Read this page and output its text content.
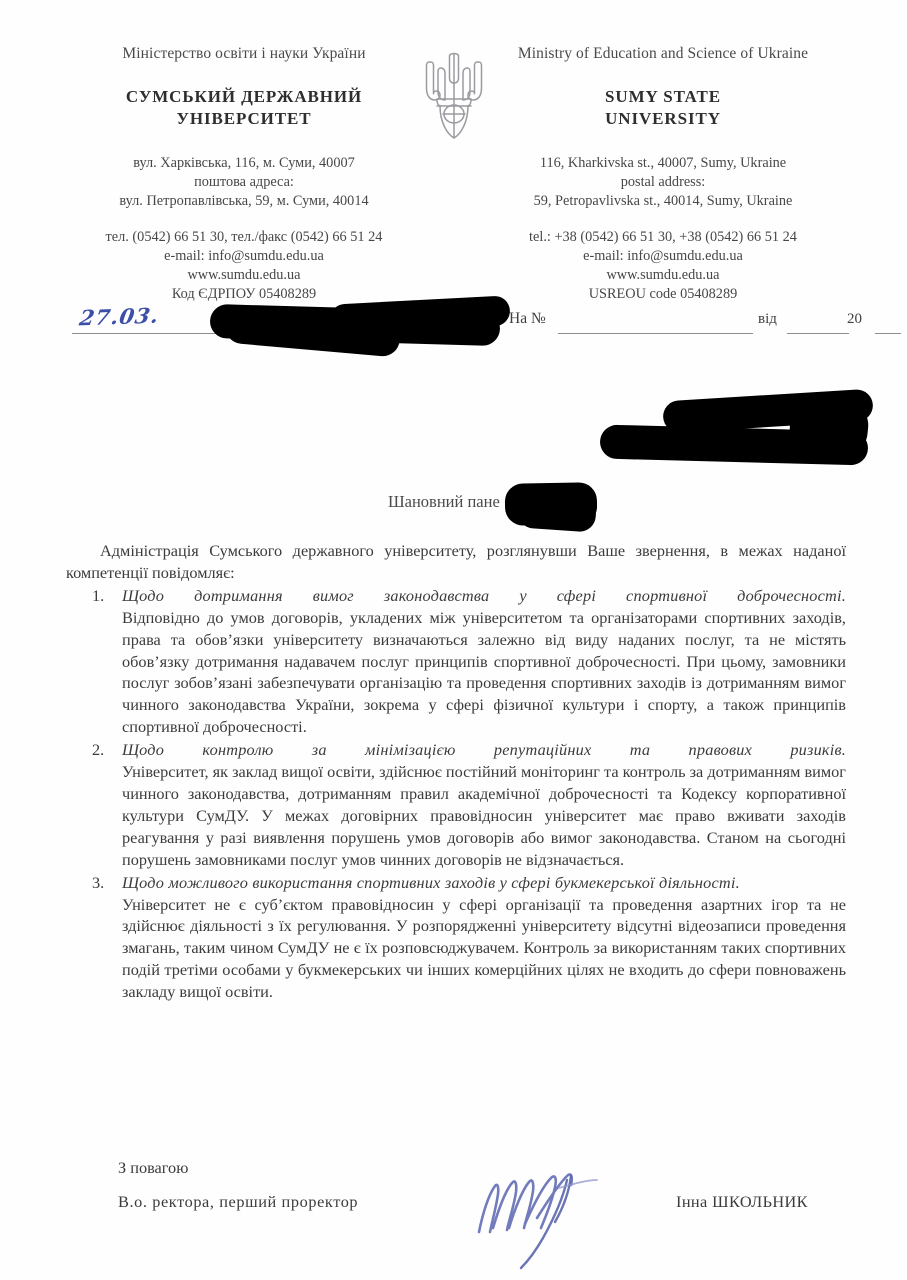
Міністерство освіти і науки України
СУМСЬКИЙ ДЕРЖАВНИЙ
УНІВЕРСИТЕТ
вул. Харківська, 116, м. Суми, 40007
поштова адреса:
вул. Петропавлівська, 59, м. Суми, 40014
тел. (0542) 66 51 30, тел./факс (0542) 66 51 24
e-mail: info@sumdu.edu.ua
www.sumdu.edu.ua
Код ЄДРПОУ 05408289
Ministry of Education and Science of Ukraine
SUMY STATE
UNIVERSITY
116, Kharkivska st., 40007, Sumy, Ukraine
postal address:
59, Petropavlivska st., 40014, Sumy, Ukraine
tel.: +38 (0542) 66 51 30, +38 (0542) 66 51 24
e-mail: info@sumdu.edu.ua
www.sumdu.edu.ua
USREOU code 05408289
27.03.	На №	від	20
Шановний пане

Адміністрація Сумського державного університету, розглянувши Ваше звернення, в межах наданої компетенції повідомляє:

Щодо дотримання вимог законодавства у сфері спортивної доброчесності.
Відповідно до умов договорів, укладених між університетом та організаторами спортивних заходів, права та обов’язки університету визначаються залежно від виду наданих послуг, та не містять обов’язку дотримання надавачем послуг принципів спортивної доброчесності. При цьому, замовники послуг зобов’язані забезпечувати організацію та проведення спортивних заходів із дотриманням вимог чинного законодавства України, зокрема у сфері фізичної культури і спорту, а також принципів спортивної доброчесності.
Щодо контролю за мінімізацією репутаційних та правових ризиків.
Університет, як заклад вищої освіти, здійснює постійний моніторинг та контроль за дотриманням вимог чинного законодавства, дотриманням правил академічної доброчесності та Кодексу корпоративної культури СумДУ. У межах договірних правовідносин університет має право вживати заходів реагування у разі виявлення порушень умов договорів або вимог законодавства. Станом на сьогодні порушень замовниками послуг умов чинних договорів не відзначається.
Щодо можливого використання спортивних заходів у сфері букмекерської діяльності.
Університет не є суб’єктом правовідносин у сфері організації та проведення азартних ігор та не здійснює діяльності з їх регулювання. У розпорядженні університету відсутні відеозаписи проведення змагань, таким чином СумДУ не є їх розповсюджувачем. Контроль за використанням таких спортивних подій третіми особами у букмекерських чи інших комерційних цілях не входить до сфери повноважень закладу вищої освіти.

З повагою

В.о. ректора, перший проректор	Інна ШКОЛЬНИК
